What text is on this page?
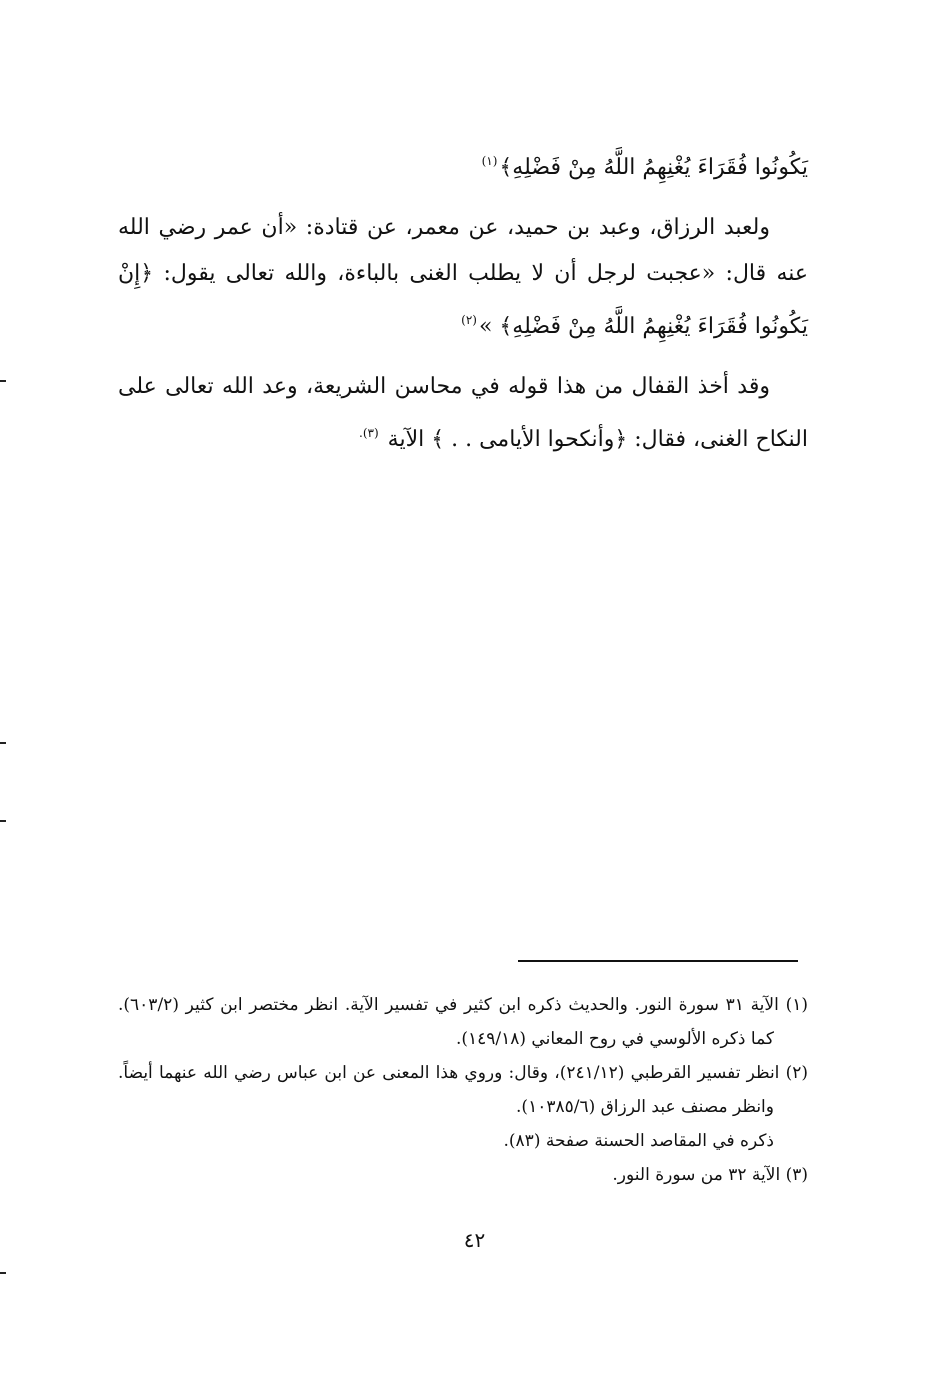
يَكُونُوا فُقَرَاءَ يُغْنِهِمُ اللَّهُ مِنْ فَضْلِهِ﴾$^{(١)}$

ولعبد الرزاق، وعبد بن حميد، عن معمر، عن قتادة: «أن عمر رضي الله عنه قال: «عجبت لرجل أن لا يطلب الغنى بالباءة، والله تعالى يقول: ﴿إِنْ يَكُونُوا فُقَرَاءَ يُغْنِهِمُ اللَّهُ مِنْ فَضْلِهِ﴾ »$^{(٢)}$

وقد أخذ القفال من هذا قوله في محاسن الشريعة، وعد الله تعالى على النكاح الغنى، فقال: ﴿وأنكحوا الأيامى . . ﴾ الآية $^{(٣).}$

(١) الآية ٣١ سورة النور. والحديث ذكره ابن كثير في تفسير الآية. انظر مختصر ابن كثير (٦٠٣/٢). كما ذكره الألوسي في روح المعاني (١٤٩/١٨).

(٢) انظر تفسير القرطبي (٢٤١/١٢)، وقال: وروي هذا المعنى عن ابن عباس رضي الله عنهما أيضاً. وانظر مصنف عبد الرزاق (١٠٣٨٥/٦).

ذكره في المقاصد الحسنة صفحة (٨٣).

(٣) الآية ٣٢ من سورة النور.

٤٢
